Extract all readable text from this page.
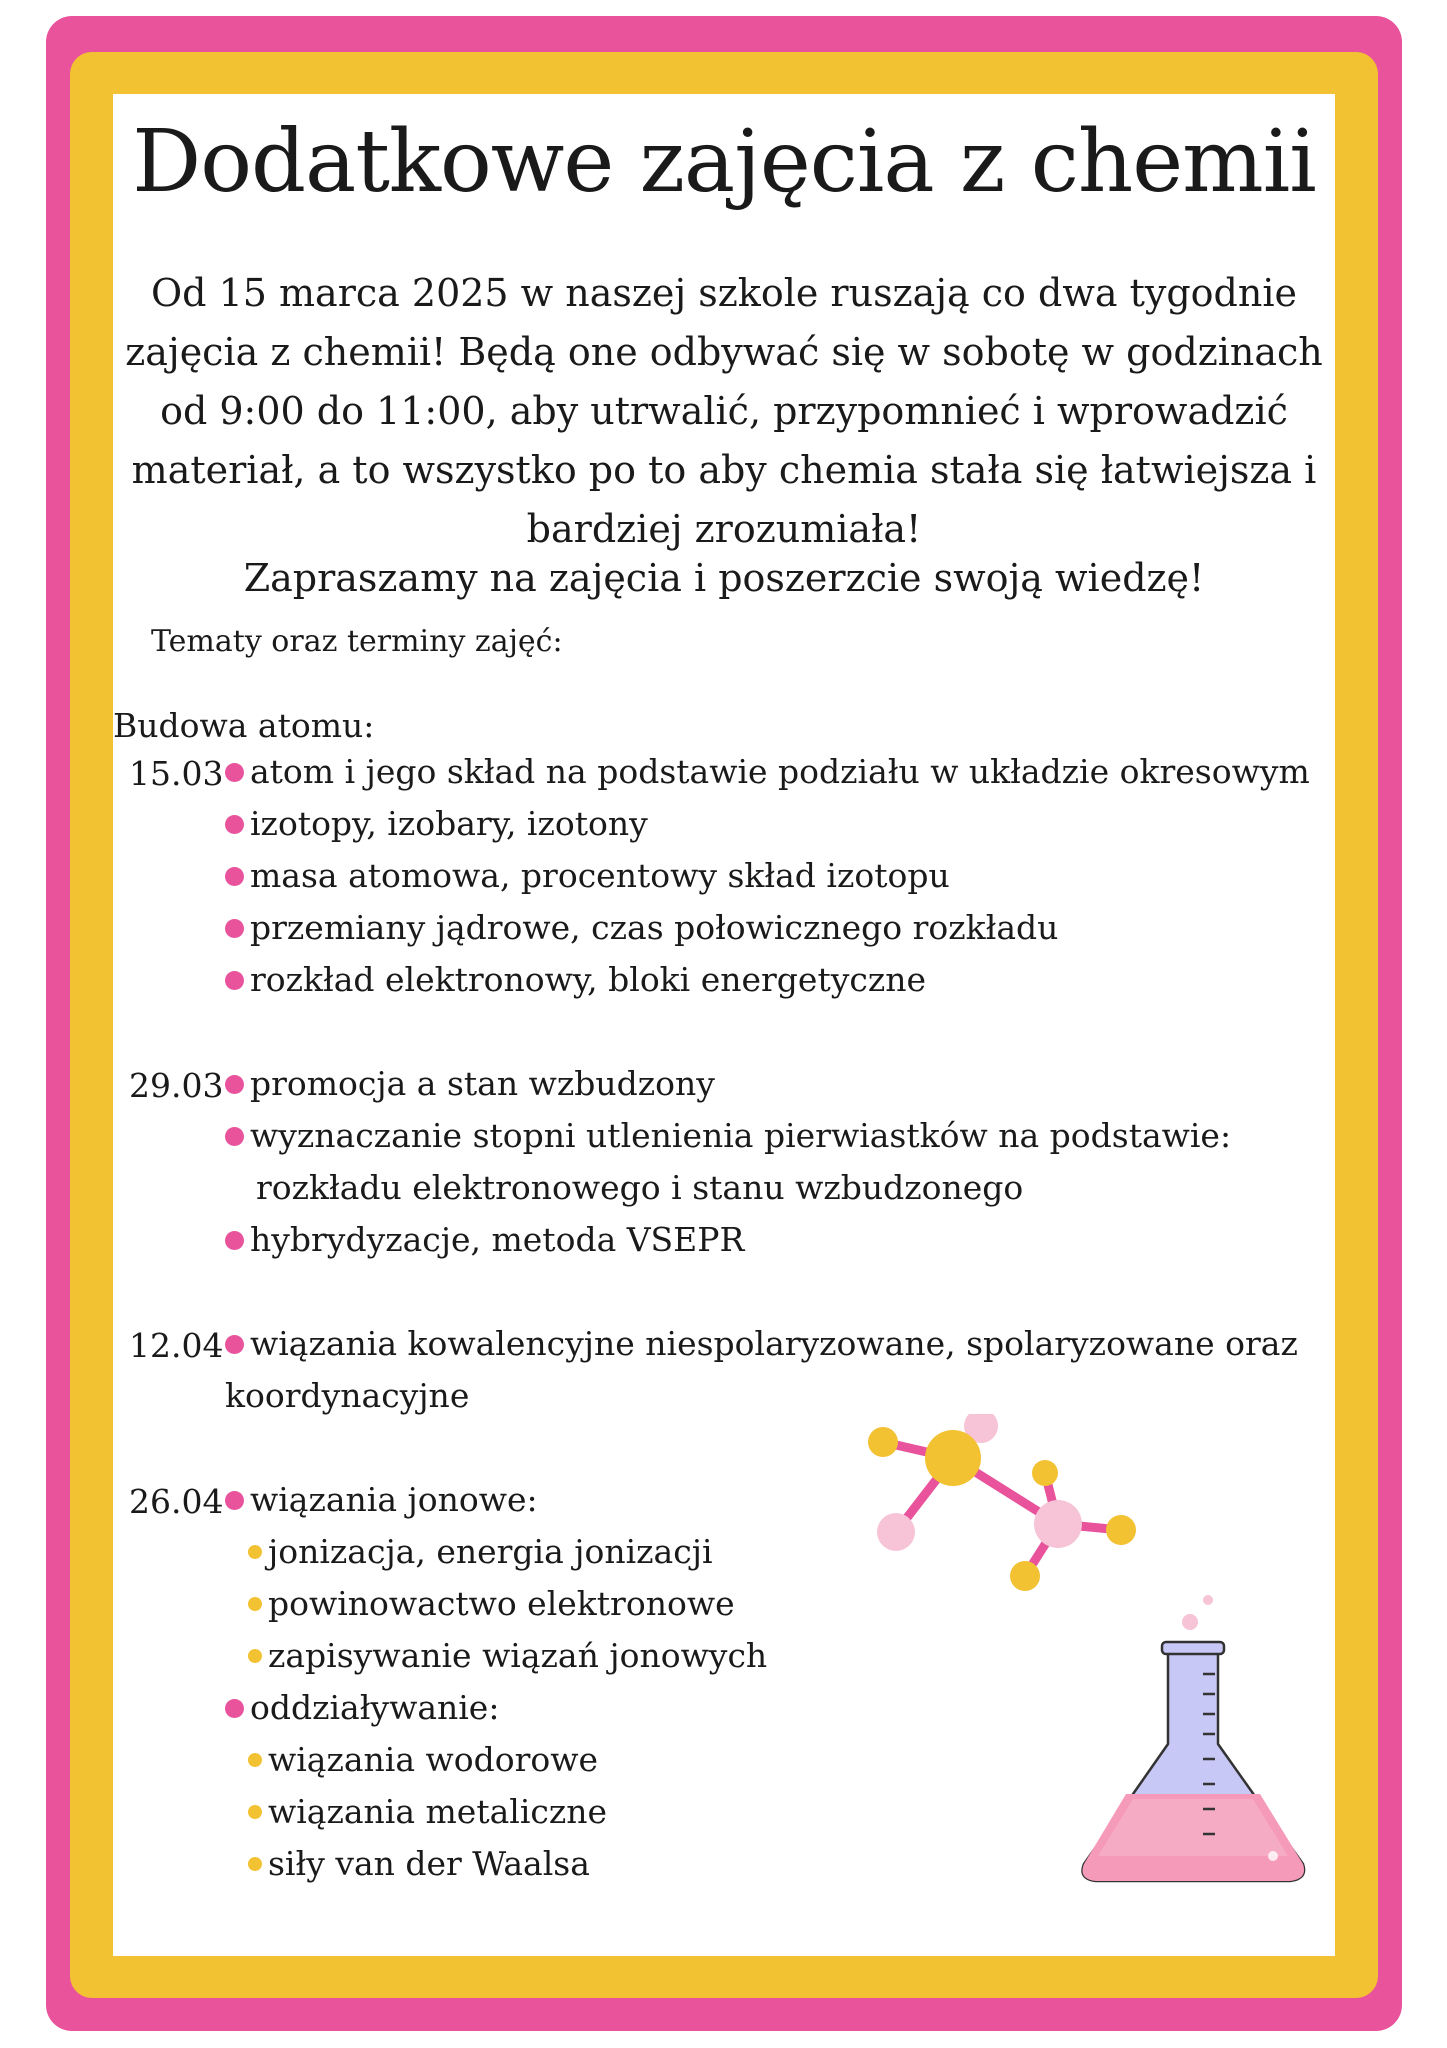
Dodatkowe zajęcia z chemii
Od 15 marca 2025 w naszej szkole ruszają co dwa tygodnie zajęcia z chemii! Będą one odbywać się w sobotę w godzinach od 9:00 do 11:00, aby utrwalić, przypomnieć i wprowadzić materiał, a to wszystko po to aby chemia stała się łatwiejsza i bardziej zrozumiała!
Zapraszamy na zajęcia i poszerzcie swoją wiedzę!
Tematy oraz terminy zajęć:
Budowa atomu:
15.03 atom i jego skład na podstawie podziału w układzie okresowym
izotopy, izobary, izotony
masa atomowa, procentowy skład izotopu
przemiany jądrowe, czas połowicznego rozkładu
rozkład elektronowy, bloki energetyczne
29.03 promocja a stan wzbudzony
wyznaczanie stopni utlenienia pierwiastków na podstawie:
rozkładu elektronowego i stanu wzbudzonego
hybrydyzacje, metoda VSEPR
12.04 wiązania kowalencyjne niespolaryzowane, spolaryzowane oraz
koordynacyjne
26.04 wiązania jonowe:
jonizacja, energia jonizacji
powinowactwo elektronowe
zapisywanie wiązań jonowych
oddziaływanie:
wiązania wodorowe
wiązania metaliczne
siły van der Waalsa
